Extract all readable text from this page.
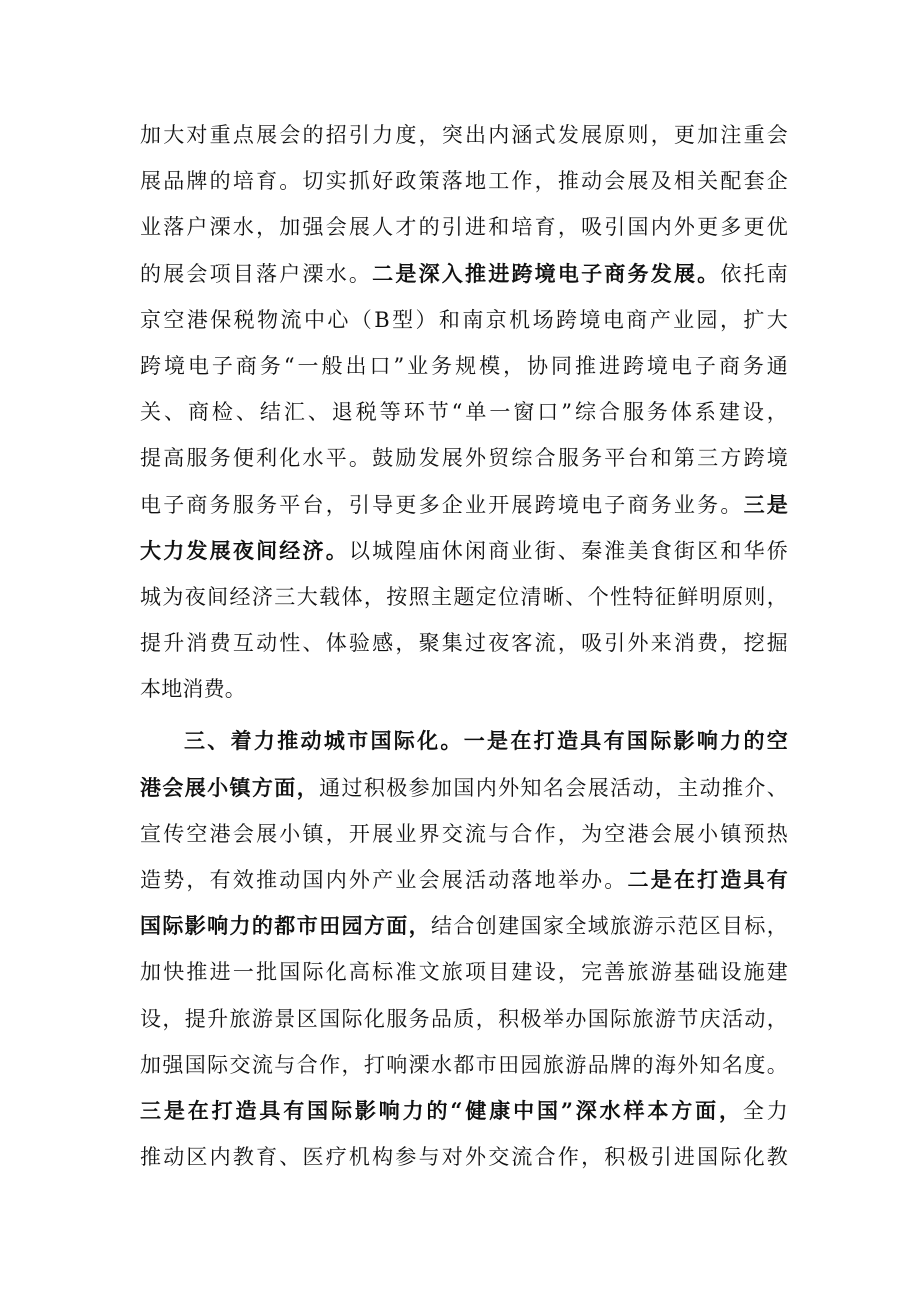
加大对重点展会的招引力度，突出内涵式发展原则，更加注重会
展品牌的培育。切实抓好政策落地工作，推动会展及相关配套企
业落户溧水，加强会展人才的引进和培育，吸引国内外更多更优
的展会项目落户溧水。二是深入推进跨境电子商务发展。依托南
京空港保税物流中心（B型）和南京机场跨境电商产业园，扩大
跨境电子商务“一般出口”业务规模，协同推进跨境电子商务通
关、商检、结汇、退税等环节“单一窗口”综合服务体系建设，
提高服务便利化水平。鼓励发展外贸综合服务平台和第三方跨境
电子商务服务平台，引导更多企业开展跨境电子商务业务。三是
大力发展夜间经济。以城隍庙休闲商业街、秦淮美食街区和华侨
城为夜间经济三大载体，按照主题定位清晰、个性特征鲜明原则，
提升消费互动性、体验感，聚集过夜客流，吸引外来消费，挖掘
本地消费。
三、着力推动城市国际化。一是在打造具有国际影响力的空
港会展小镇方面，通过积极参加国内外知名会展活动，主动推介、
宣传空港会展小镇，开展业界交流与合作，为空港会展小镇预热
造势，有效推动国内外产业会展活动落地举办。二是在打造具有
国际影响力的都市田园方面，结合创建国家全域旅游示范区目标，
加快推进一批国际化高标准文旅项目建设，完善旅游基础设施建
设，提升旅游景区国际化服务品质，积极举办国际旅游节庆活动，
加强国际交流与合作，打响溧水都市田园旅游品牌的海外知名度。
三是在打造具有国际影响力的“健康中国”深水样本方面，全力
推动区内教育、医疗机构参与对外交流合作，积极引进国际化教
